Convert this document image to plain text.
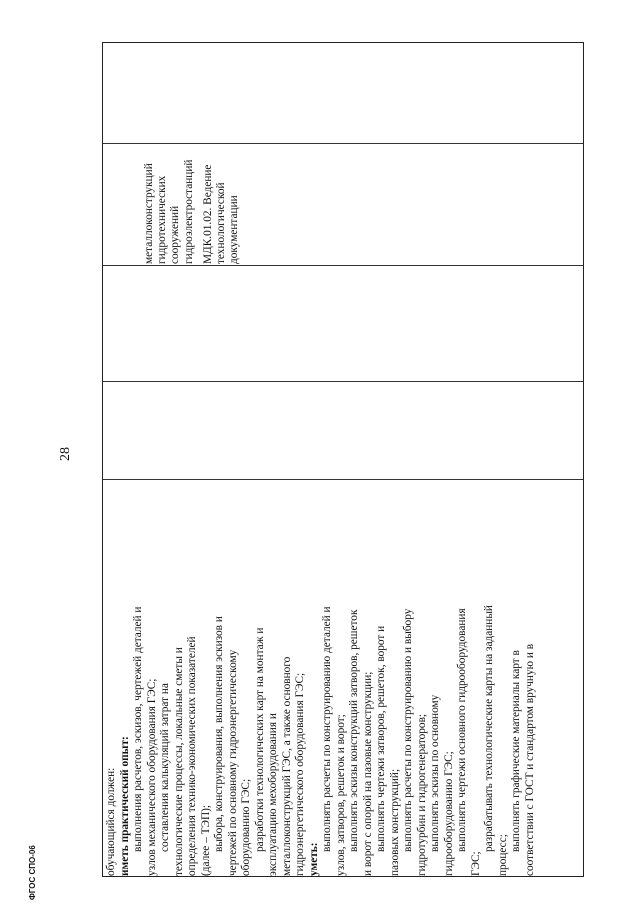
28
ФГОС СПО-06	обучающийся должен: иметь практический опыт: выполнения расчетов, эскизов, чертежей деталей и узлов механического оборудования ГЭС; составления калькуляций затрат на технологические процессы, локальные сметы и определения технико-экономических показателей (далее – ТЭП); выбора, конструирования, выполнения эскизов и чертежей по основному гидроэнергетическому оборудованию ГЭС; разработки технологических карт на монтаж и эксплуатацию мехоборудования и металлоконструкций ГЭС, а также основного гидроэнергетического оборудования ГЭС; уметь:
выполнять расчеты по конструированию деталей и узлов, затворов, решеток и ворот; выполнять эскизы конструкций затворов, решеток и ворот с опорой на пазовые конструкции; выполнять чертежи затворов, решеток, ворот и пазовых конструкций; выполнять расчеты по конструированию и выбору гидротурбин и гидрогенераторов; выполнять эскизы по основному гидрооборудованию ГЭС; выполнять чертежи основного гидрооборудования
ГЭС;
разрабатывать технологические карты на заданный
процесс;
выполнять графические материалы карт в соответствии с ГОСТ и стандартом вручную и в
металлоконструкций гидротехнических сооружений гидроэлектростанций МДК.01.02. Ведение технологической документации
